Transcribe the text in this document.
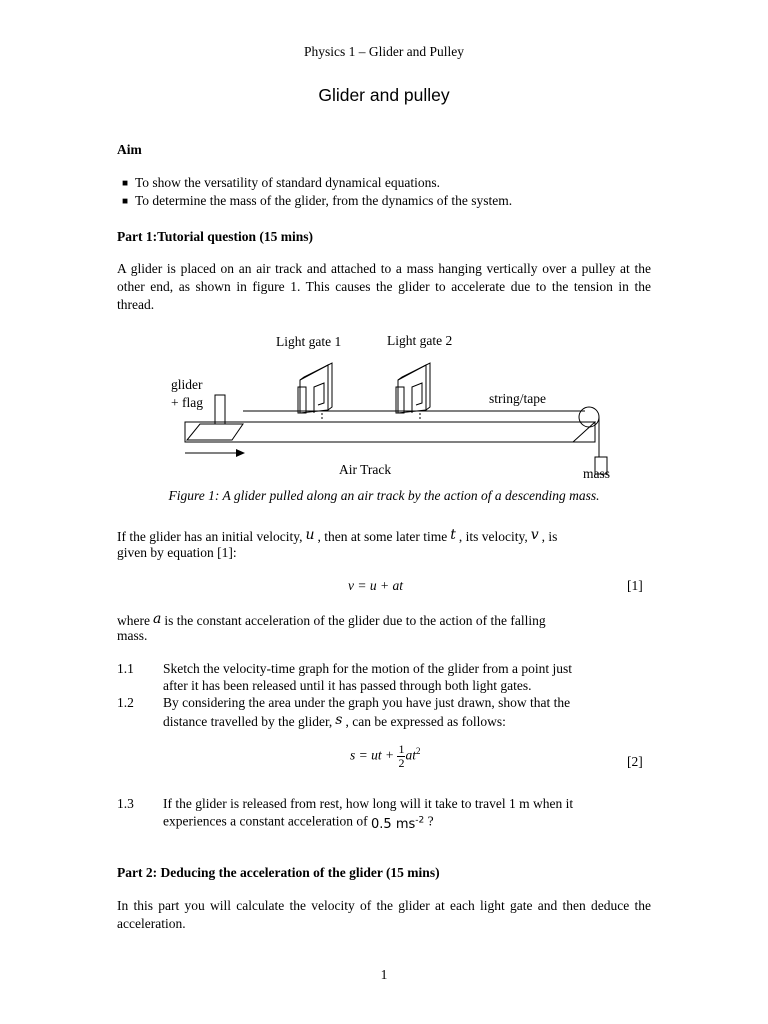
Physics 1 – Glider and Pulley
Glider and pulley
Aim
■ To show the versatility of standard dynamical equations.
■ To determine the mass of the glider, from the dynamics of the system.
Part 1:Tutorial question (15 mins)
A glider is placed on an air track and attached to a mass hanging vertically over a pulley at the other end, as shown in figure 1. This causes the glider to accelerate due to the tension in the thread.
Light gate 1	Light gate 2
glider
+ flag	string/tape
Air Track	mass
Figure 1: A glider pulled along an air track by the action of a descending mass.
If the glider has an initial velocity, u , then at some later time t , its velocity, v , is
given by equation [1]:
v = u + at	[1]
where a is the constant acceleration of the glider due to the action of the falling
mass.
1.1	Sketch the velocity-time graph for the motion of the glider from a point just
after it has been released until it has passed through both light gates.
1.2	By considering the area under the graph you have just drawn, show that the
distance travelled by the glider, s , can be expressed as follows:
s = ut + $\frac{1}{2} at^2$
[2]
1.3	If the glider is released from rest, how long will it take to travel 1 m when it
experiences a constant acceleration of 0.5 $ms^{-2}$ ?
Part 2: Deducing the acceleration of the glider (15 mins)
In this part you will calculate the velocity of the glider at each light gate and then deduce the acceleration.
1
